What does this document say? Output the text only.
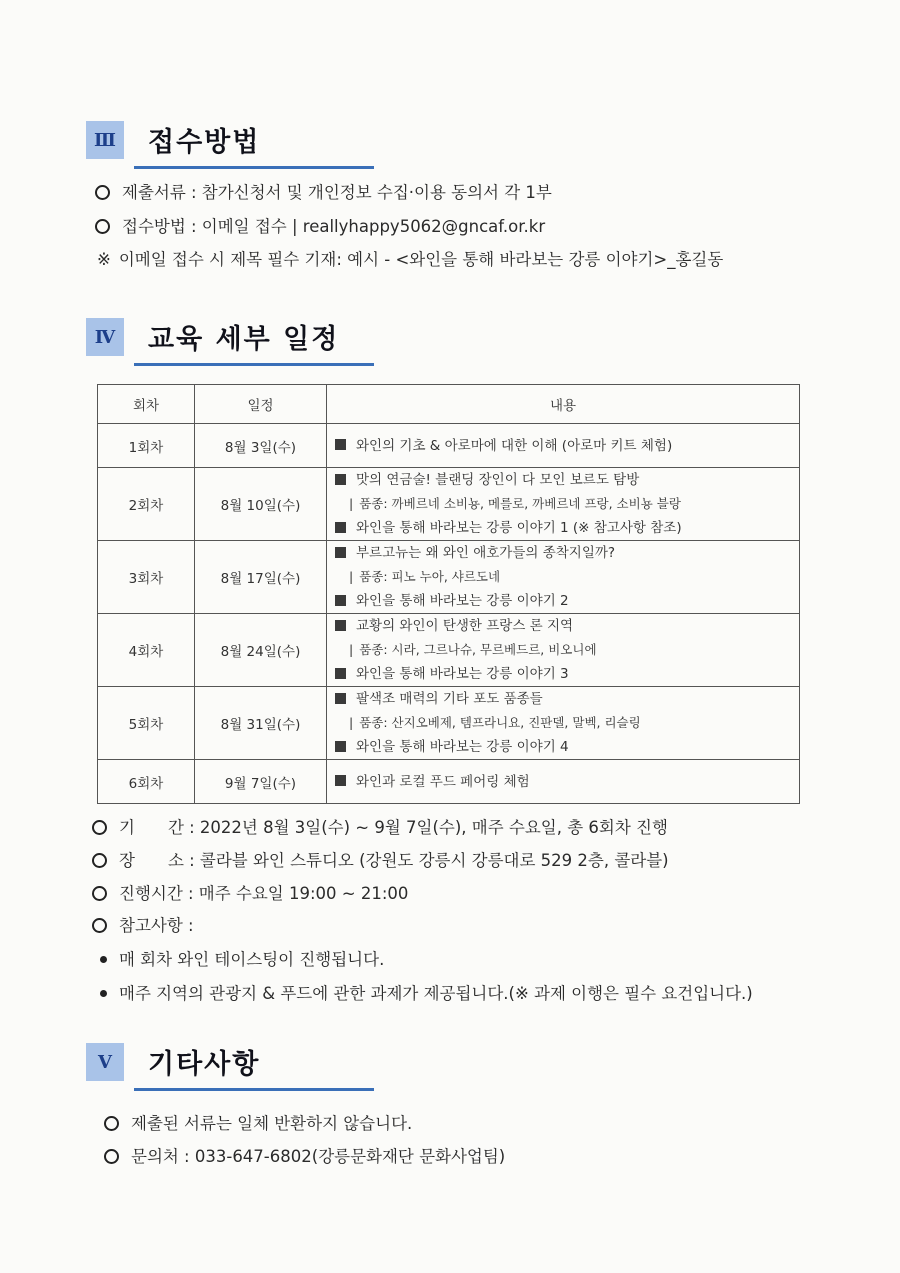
Ⅲ 접수방법
제출서류 : 참가신청서 및 개인정보 수집·이용 동의서 각 1부
접수방법 : 이메일 접수 | reallyhappy5062@gncaf.or.kr
※ 이메일 접수 시 제목 필수 기재: 예시 - <와인을 통해 바라보는 강릉 이야기>_홍길동
Ⅳ	교육 세부 일정
회차	일정	내용
1회차	8월 3일(수)	와인의 기초 & 아로마에 대한 이해 (아로마 키트 체험)

2회차	8월 10일(수)	맛의 연금술! 블랜딩 장인이 다 모인 보르도 탐방
| 품종: 까베르네 소비뇽, 메를로, 까베르네 프랑, 소비뇽 블랑
와인을 통해 바라보는 강릉 이야기 1 (※ 참고사항 참조)

3회차	8월 17일(수)	부르고뉴는 왜 와인 애호가들의 종착지일까?
| 품종: 피노 누아, 샤르도네
와인을 통해 바라보는 강릉 이야기 2

4회차	8월 24일(수)	교황의 와인이 탄생한 프랑스 론 지역
| 품종: 시라, 그르나슈, 무르베드르, 비오니에
와인을 통해 바라보는 강릉 이야기 3

5회차	8월 31일(수)	팔색조 매력의 기타 포도 품종들
| 품종: 산지오베제, 템프라니요, 진판델, 말벡, 리슬링
와인을 통해 바라보는 강릉 이야기 4

6회차	9월 7일(수)	와인과 로컬 푸드 페어링 체험
기　　간 : 2022년 8월 3일(수) ~ 9월 7일(수), 매주 수요일, 총 6회차 진행
장　　소 : 콜라블 와인 스튜디오 (강원도 강릉시 강릉대로 529 2층, 콜라블)
진행시간 : 매주 수요일 19:00 ~ 21:00
참고사항 :
매 회차 와인 테이스팅이 진행됩니다.
매주 지역의 관광지 & 푸드에 관한 과제가 제공됩니다.(※ 과제 이행은 필수 요건입니다.)
Ⅴ	기타사항
제출된 서류는 일체 반환하지 않습니다.
문의처 : 033-647-6802(강릉문화재단 문화사업팀)
